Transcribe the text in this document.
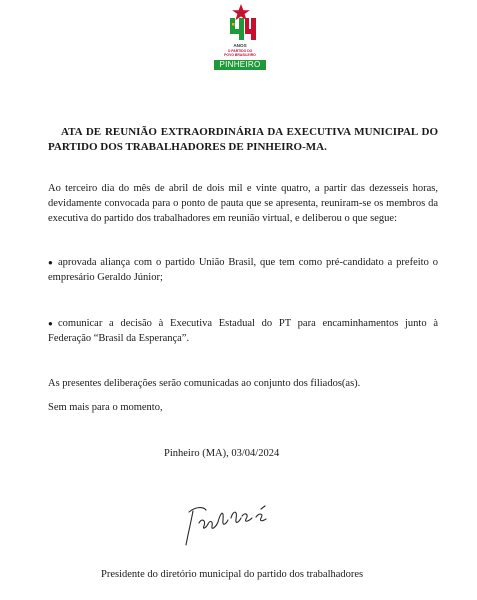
ANOS
O PARTIDO DO
POVO BRASILEIRO
PINHEIRO
ATA DE REUNIÃO EXTRAORDINÁRIA DA EXECUTIVA MUNICIPAL DO PARTIDO DOS TRABALHADORES DE PINHEIRO-MA.
Ao terceiro dia do mês de abril de dois mil e vinte quatro, a partir das dezesseis horas, devidamente convocada para o ponto de pauta que se apresenta, reuniram-se os membros da executiva do partido dos trabalhadores em reunião virtual, e deliberou o que segue:
● aprovada aliança com o partido União Brasil, que tem como pré-candidato a prefeito o empresário Geraldo Júnior;
● comunicar a decisão à Executiva Estadual do PT para encaminhamentos junto à Federação “Brasil da Esperança”.
As presentes deliberações serão comunicadas ao conjunto dos filiados(as).
Sem mais para o momento,
Pinheiro (MA), 03/04/2024
Presidente do diretório municipal do partido dos trabalhadores
